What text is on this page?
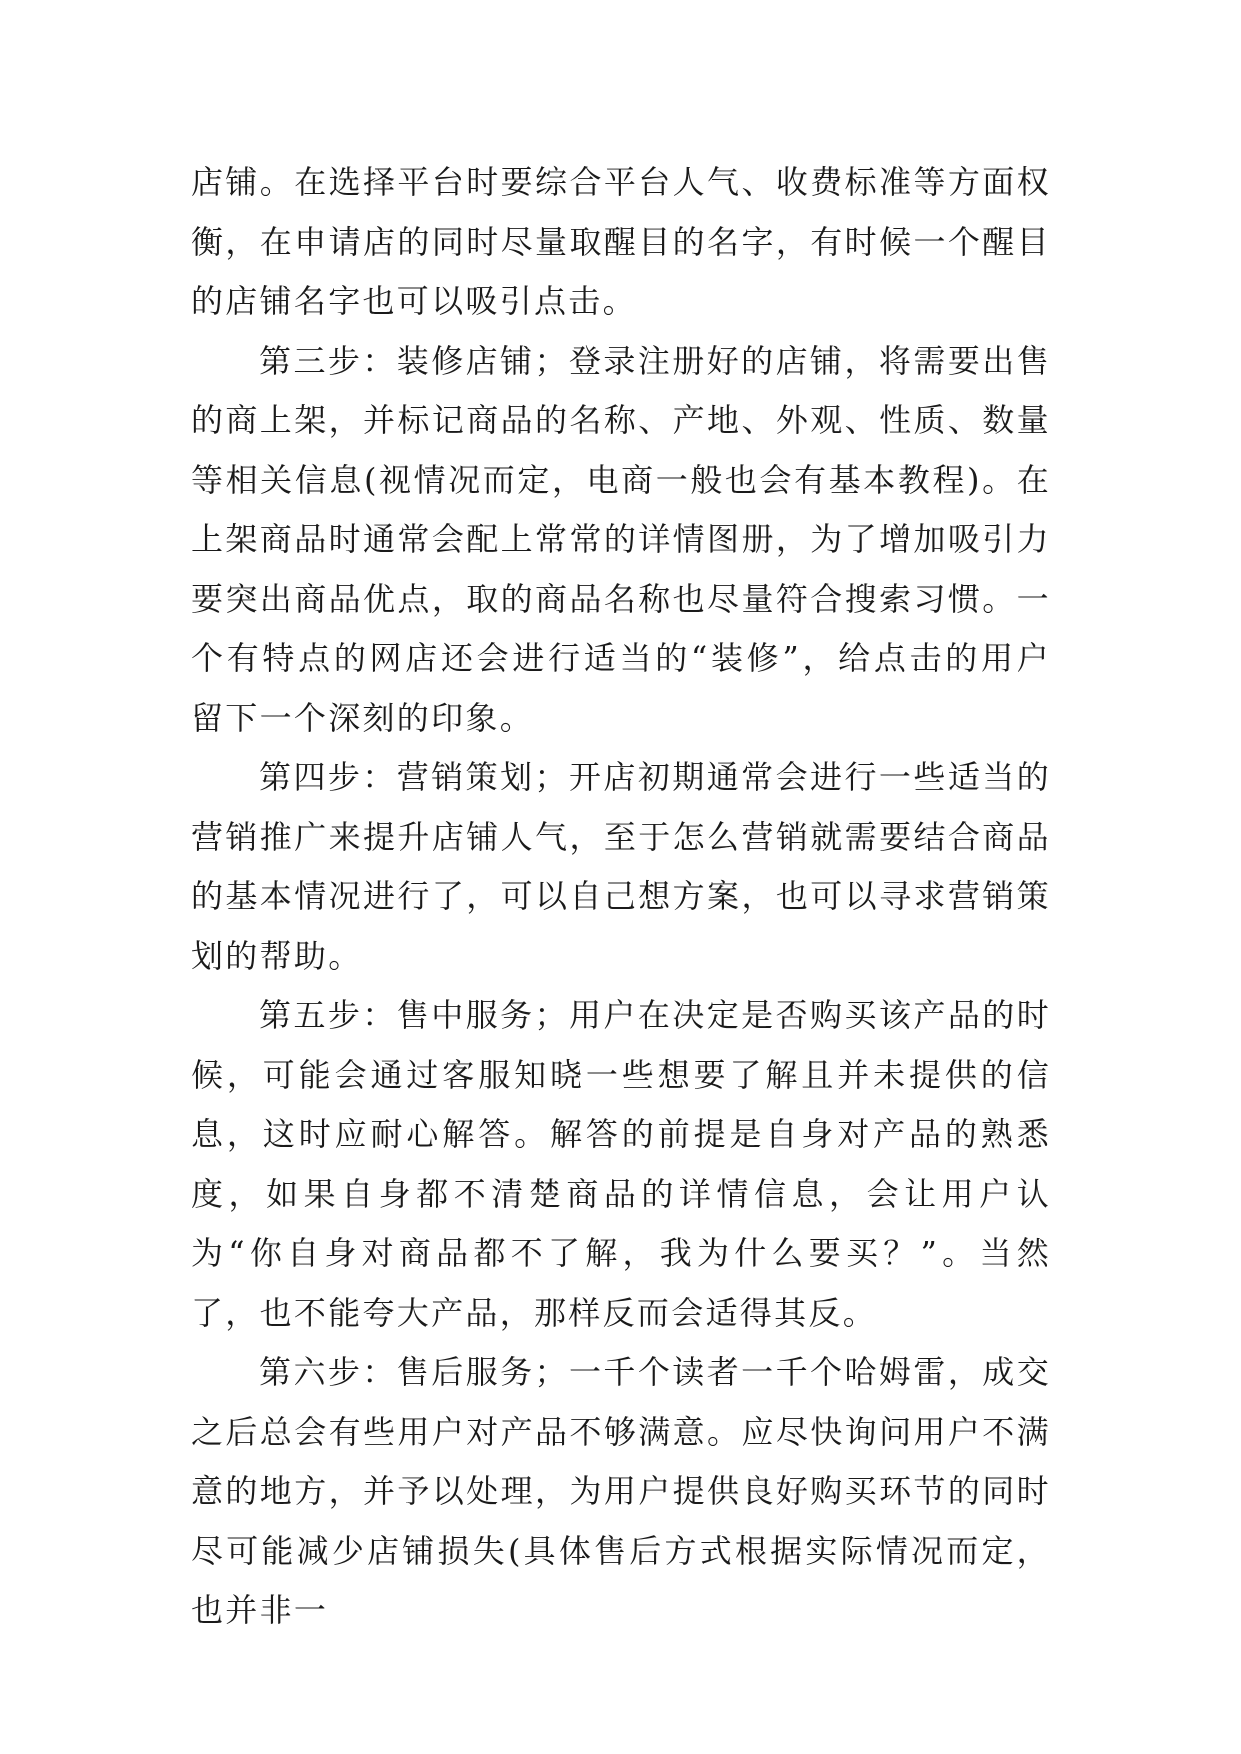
店铺。在选择平台时要综合平台人气、收费标准等方面权衡，在申请店的同时尽量取醒目的名字，有时候一个醒目的店铺名字也可以吸引点击。

第三步：装修店铺；登录注册好的店铺，将需要出售的商上架，并标记商品的名称、产地、外观、性质、数量等相关信息(视情况而定，电商一般也会有基本教程)。在上架商品时通常会配上常常的详情图册，为了增加吸引力要突出商品优点，取的商品名称也尽量符合搜索习惯。一个有特点的网店还会进行适当的“装修”，给点击的用户留下一个深刻的印象。

第四步：营销策划；开店初期通常会进行一些适当的营销推广来提升店铺人气，至于怎么营销就需要结合商品的基本情况进行了，可以自己想方案，也可以寻求营销策划的帮助。

第五步：售中服务；用户在决定是否购买该产品的时候，可能会通过客服知晓一些想要了解且并未提供的信息，这时应耐心解答。解答的前提是自身对产品的熟悉度，如果自身都不清楚商品的详情信息，会让用户认为“你自身对商品都不了解，我为什么要买？”。当然了，也不能夸大产品，那样反而会适得其反。

第六步：售后服务；一千个读者一千个哈姆雷，成交之后总会有些用户对产品不够满意。应尽快询问用户不满意的地方，并予以处理，为用户提供良好购买环节的同时尽可能减少店铺损失(具体售后方式根据实际情况而定，也并非一
